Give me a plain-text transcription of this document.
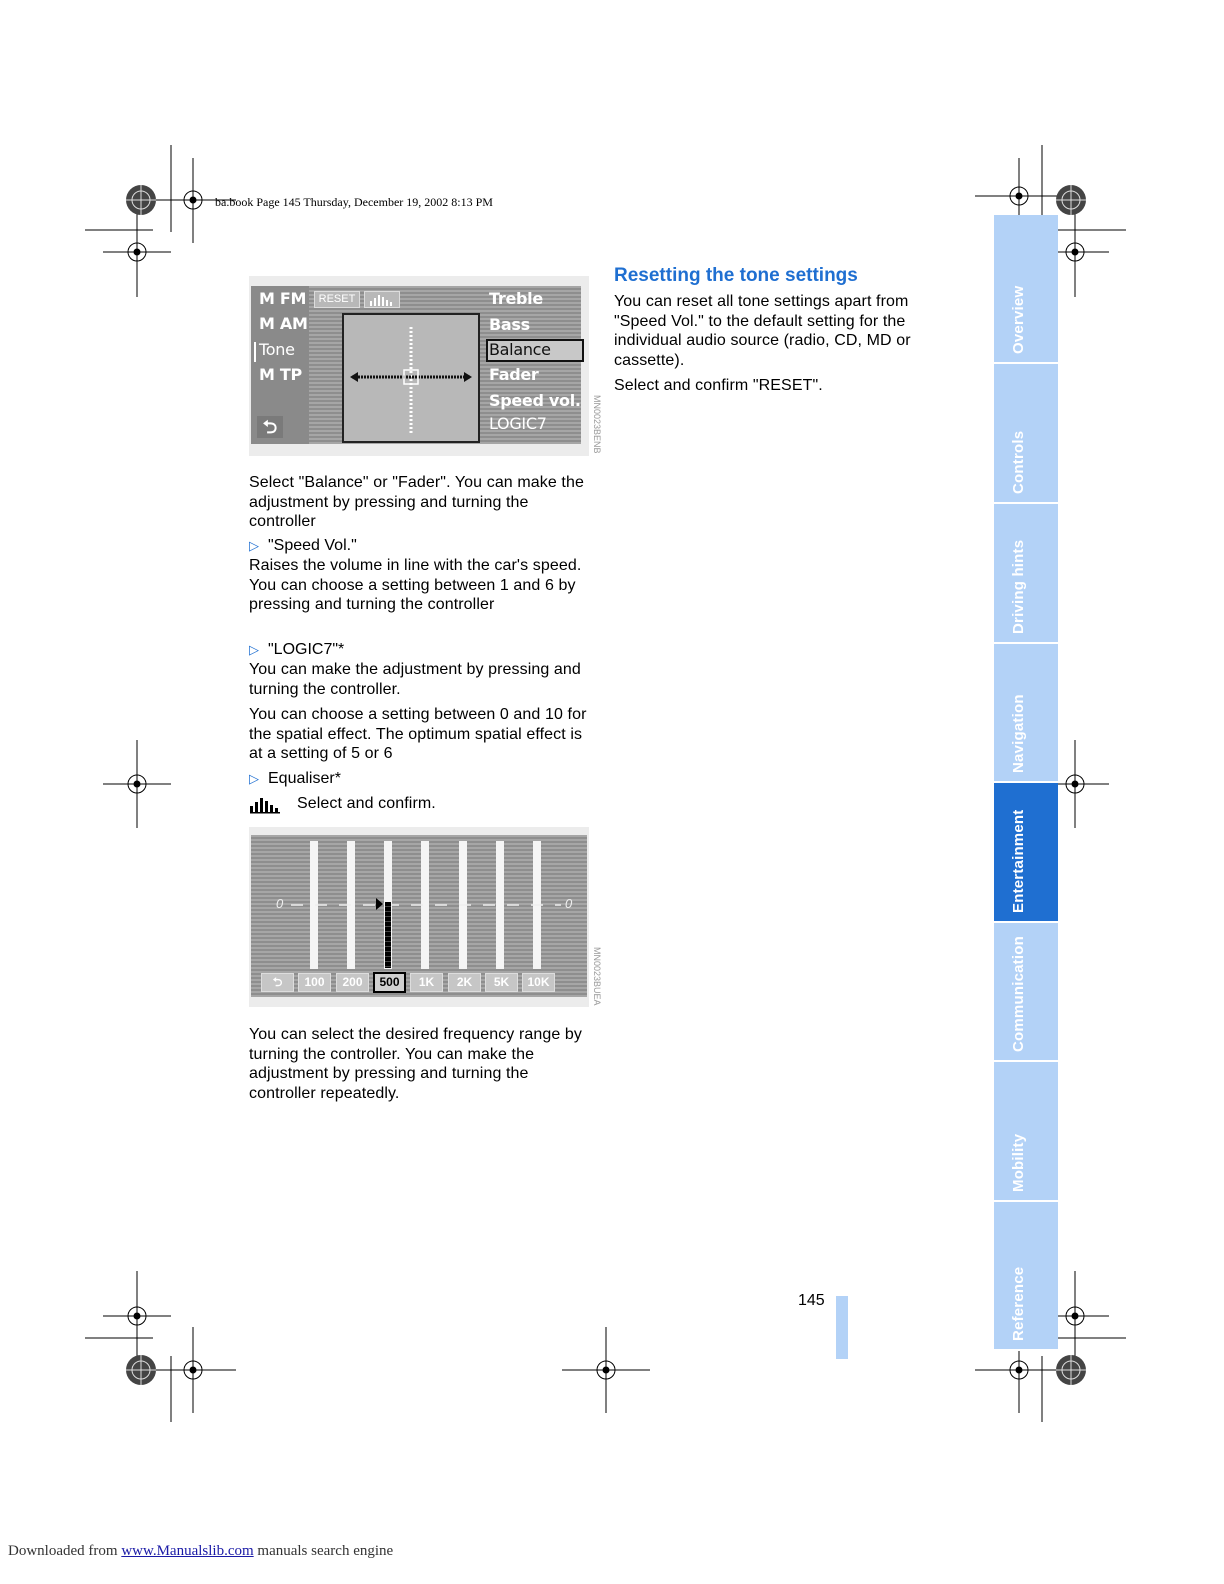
ba.book Page 145 Thursday, December 19, 2002 8:13 PM
M FM
M AM
Tone
M TP
⮌
RESET	Treble
Bass
Balance
Fader
Speed vol.
LOGIC7	MN0023BENB
Select "Balance" or "Fader". You can make the adjustment by pressing and turning the controller
▷ "Speed Vol."
Raises the volume in line with the car's speed. You can choose a setting between 1 and 6 by pressing and turning the controller
▷ "LOGIC7"*
You can make the adjustment by pressing and turning the controller.
You can choose a setting between 0 and 10 for the spatial effect. The optimum spatial effect is at a setting of 5 or 6
▷ Equaliser*
Select and confirm.
0	0
⮌	100	200	500	1K	2K	5K	10K	MN0023BUEA
You can select the desired frequency range by turning the controller. You can make the adjustment by pressing and turning the controller repeatedly.
Resetting the tone settings
You can reset all tone settings apart from "Speed Vol." to the default setting for the individual audio source (radio, CD, MD or cassette).
Select and confirm "RESET".
Overview
Controls
Driving hints
Navigation
Entertainment
Communication
Mobility
Reference
145
Downloaded from www.Manualslib.com manuals search engine
